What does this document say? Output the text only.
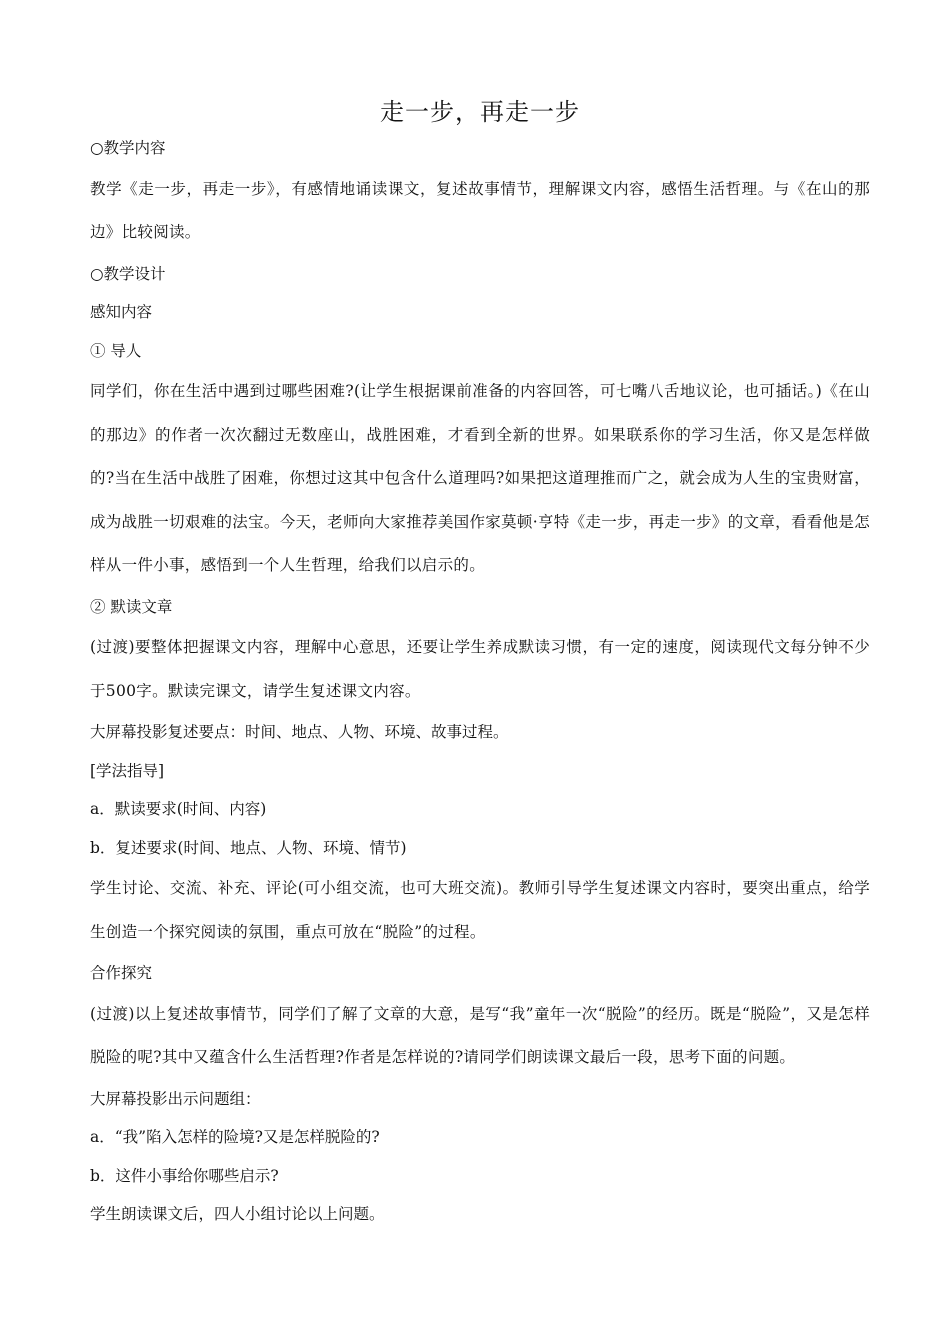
走一步，再走一步

○教学内容

教学《走一步，再走一步》，有感情地诵读课文，复述故事情节，理解课文内容，感悟生活哲理。与《在山的那边》比较阅读。

○教学设计

感知内容

① 导人

同学们，你在生活中遇到过哪些困难?(让学生根据课前准备的内容回答，可七嘴八舌地议论，也可插话。)《在山的那边》的作者一次次翻过无数座山，战胜困难，才看到全新的世界。如果联系你的学习生活，你又是怎样做的?当在生活中战胜了困难，你想过这其中包含什么道理吗?如果把这道理推而广之，就会成为人生的宝贵财富，成为战胜一切艰难的法宝。今天，老师向大家推荐美国作家莫顿·亨特《走一步，再走一步》的文章，看看他是怎样从一件小事，感悟到一个人生哲理，给我们以启示的。

② 默读文章

(过渡)要整体把握课文内容，理解中心意思，还要让学生养成默读习惯，有一定的速度，阅读现代文每分钟不少于500字。默读完课文，请学生复述课文内容。

大屏幕投影复述要点：时间、地点、人物、环境、故事过程。

[学法指导]

a．默读要求(时间、内容)

b．复述要求(时间、地点、人物、环境、情节)

学生讨论、交流、补充、评论(可小组交流，也可大班交流)。教师引导学生复述课文内容时，要突出重点，给学生创造一个探究阅读的氛围，重点可放在“脱险”的过程。

合作探究

(过渡)以上复述故事情节，同学们了解了文章的大意，是写“我”童年一次“脱险”的经历。既是“脱险”，又是怎样脱险的呢?其中又蕴含什么生活哲理?作者是怎样说的?请同学们朗读课文最后一段，思考下面的问题。

大屏幕投影出示问题组：

a．“我”陷入怎样的险境?又是怎样脱险的?

b．这件小事给你哪些启示?

学生朗读课文后，四人小组讨论以上问题。
